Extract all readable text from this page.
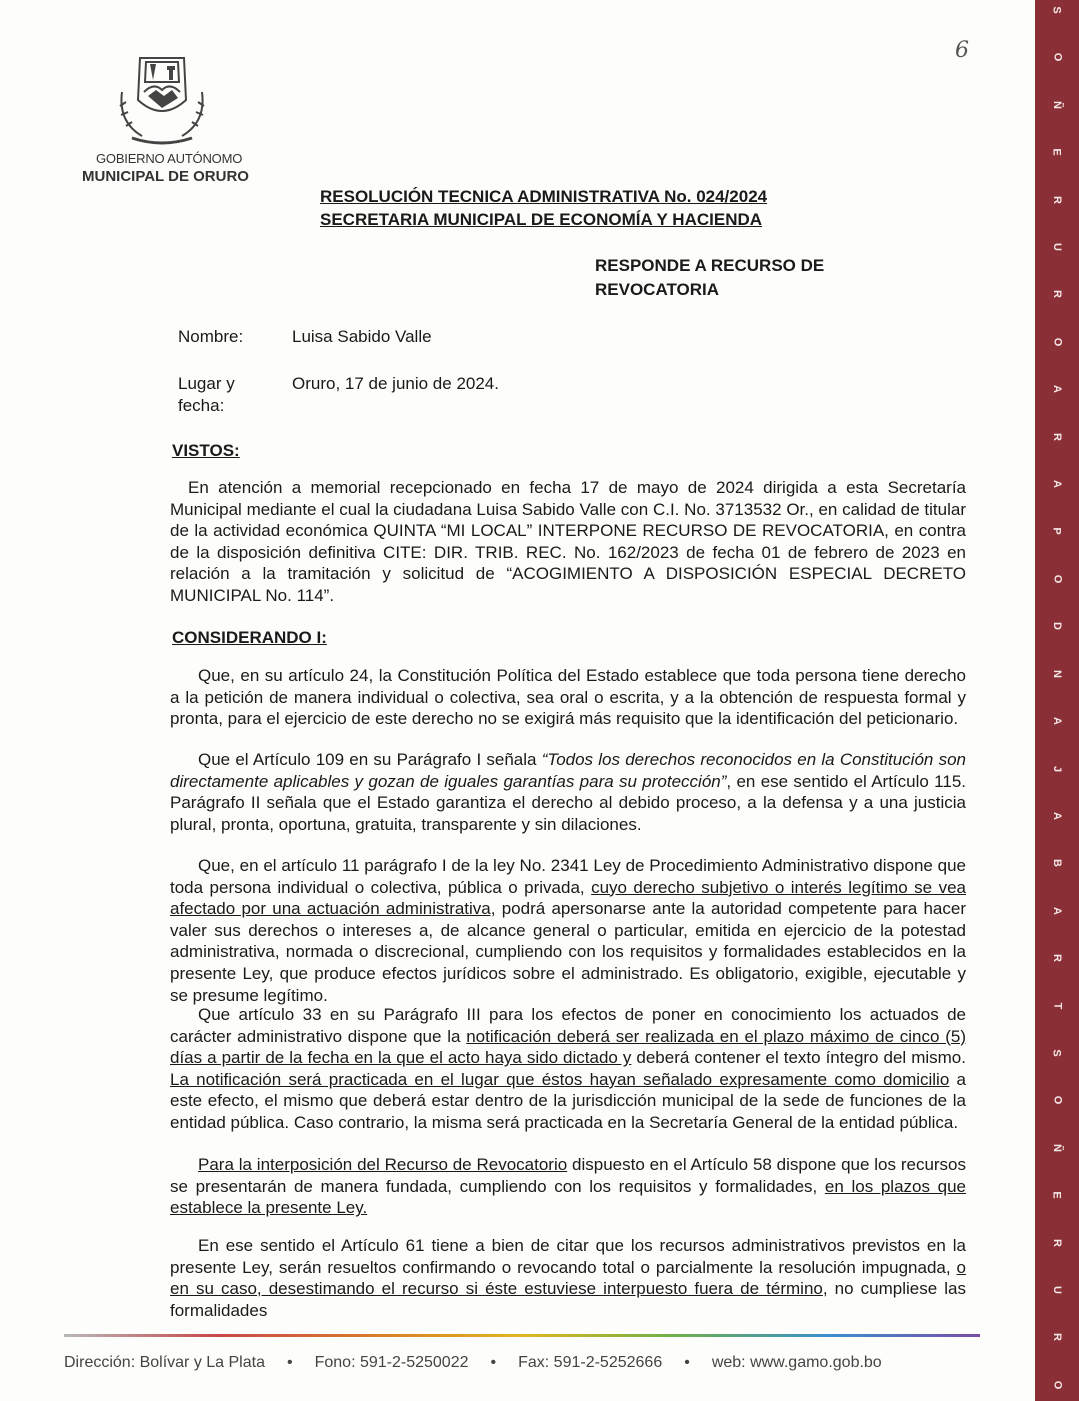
S
O
Ñ
E
R
U
R
O
A
R
A
P
O
D
N
A
J
A
B
A
R
T
S
O
Ñ
E
R
U
R
O
GOBIERNO AUTÓNOMO
MUNICIPAL DE ORURO
6
RESOLUCIÓN TECNICA ADMINISTRATIVA No. 024/2024
SECRETARIA MUNICIPAL DE ECONOMÍA Y HACIENDA
RESPONDE A RECURSO DE
REVOCATORIA
Nombre:	Luisa Sabido Valle
Lugar y
fecha:
Oruro, 17 de junio de 2024.
VISTOS:

En atención a memorial recepcionado en fecha 17 de mayo de 2024 dirigida a esta Secretaría Municipal mediante el cual la ciudadana Luisa Sabido Valle con C.I. No. 3713532 Or., en calidad de titular de la actividad económica QUINTA “MI LOCAL” INTERPONE RECURSO DE REVOCATORIA, en contra de la disposición definitiva CITE: DIR. TRIB. REC. No. 162/2023 de fecha 01 de febrero de 2023 en relación a la tramitación y solicitud de “ACOGIMIENTO A DISPOSICIÓN ESPECIAL DECRETO MUNICIPAL No. 114”.

CONSIDERANDO I:

Que, en su artículo 24, la Constitución Política del Estado establece que toda persona tiene derecho a la petición de manera individual o colectiva, sea oral o escrita, y a la obtención de respuesta formal y pronta, para el ejercicio de este derecho no se exigirá más requisito que la identificación del peticionario.

Que el Artículo 109 en su Parágrafo I señala “Todos los derechos reconocidos en la Constitución son directamente aplicables y gozan de iguales garantías para su protección”, en ese sentido el Artículo 115. Parágrafo II señala que el Estado garantiza el derecho al debido proceso, a la defensa y a una justicia plural, pronta, oportuna, gratuita, transparente y sin dilaciones.

Que, en el artículo 11 parágrafo I de la ley No. 2341 Ley de Procedimiento Administrativo dispone que toda persona individual o colectiva, pública o privada, cuyo derecho subjetivo o interés legítimo se vea afectado por una actuación administrativa, podrá apersonarse ante la autoridad competente para hacer valer sus derechos o intereses a, de alcance general o particular, emitida en ejercicio de la potestad administrativa, normada o discrecional, cumpliendo con los requisitos y formalidades establecidos en la presente Ley, que produce efectos jurídicos sobre el administrado. Es obligatorio, exigible, ejecutable y se presume legítimo.

Que artículo 33 en su Parágrafo III para los efectos de poner en conocimiento los actuados de carácter administrativo dispone que la notificación deberá ser realizada en el plazo máximo de cinco (5) días a partir de la fecha en la que el acto haya sido dictado y deberá contener el texto íntegro del mismo. La notificación será practicada en el lugar que éstos hayan señalado expresamente como domicilio a este efecto, el mismo que deberá estar dentro de la jurisdicción municipal de la sede de funciones de la entidad pública. Caso contrario, la misma será practicada en la Secretaría General de la entidad pública.

Para la interposición del Recurso de Revocatorio dispuesto en el Artículo 58 dispone que los recursos se presentarán de manera fundada, cumpliendo con los requisitos y formalidades, en los plazos que establece la presente Ley.

En ese sentido el Artículo 61 tiene a bien de citar que los recursos administrativos previstos en la presente Ley, serán resueltos confirmando o revocando total o parcialmente la resolución impugnada, o en su caso, desestimando el recurso si éste estuviese interpuesto fuera de término, no cumpliese las formalidades

Dirección: Bolívar y La Plata • Fono: 591-2-5250022 • Fax: 591-2-5252666 • web: www.gamo.gob.bo
